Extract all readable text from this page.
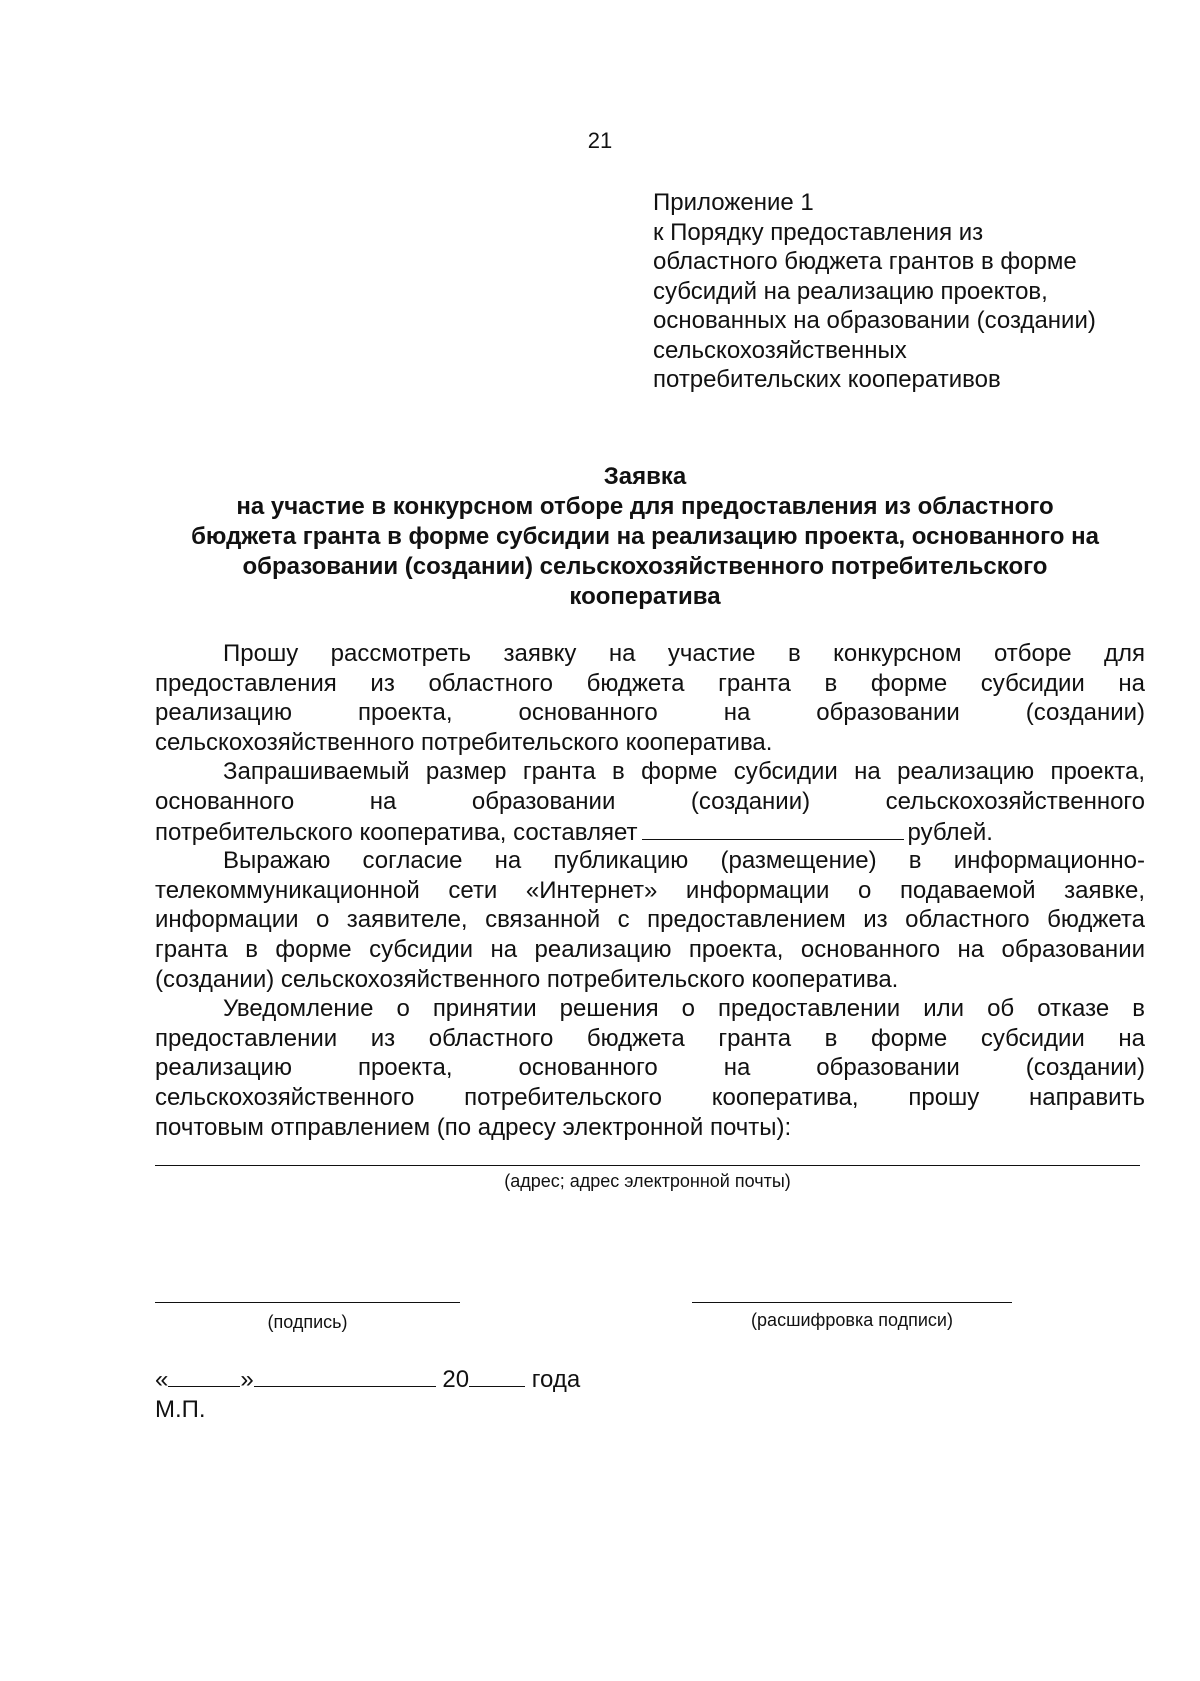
21
Приложение 1
к Порядку предоставления из
областного бюджета грантов в форме
субсидий на реализацию проектов,
основанных на образовании (создании)
сельскохозяйственных
потребительских кооперативов
Заявка
на участие в конкурсном отборе для предоставления из областного
бюджета гранта в форме субсидии на реализацию проекта, основанного на
образовании (создании) сельскохозяйственного потребительского
кооператива
Прошу рассмотреть заявку на участие в конкурсном отборе для
предоставления из областного бюджета гранта в форме субсидии на
реализацию проекта, основанного на образовании (создании)
сельскохозяйственного потребительского кооператива.
Запрашиваемый размер гранта в форме субсидии на реализацию проекта,
основанного на образовании (создании) сельскохозяйственного
потребительского кооператива, составляет	рублей.
Выражаю согласие на публикацию (размещение) в информационно-
телекоммуникационной сети «Интернет» информации о подаваемой заявке,
информации о заявителе, связанной с предоставлением из областного бюджета
гранта в форме субсидии на реализацию проекта, основанного на образовании
(создании) сельскохозяйственного потребительского кооператива.
Уведомление о принятии решения о предоставлении или об отказе в
предоставлении из областного бюджета гранта в форме субсидии на
реализацию проекта, основанного на образовании (создании)
сельскохозяйственного потребительского кооператива, прошу направить
почтовым отправлением (по адресу электронной почты):
(адрес; адрес электронной почты)
(подпись)	(расшифровка подписи)
«	»	20	года
М.П.
